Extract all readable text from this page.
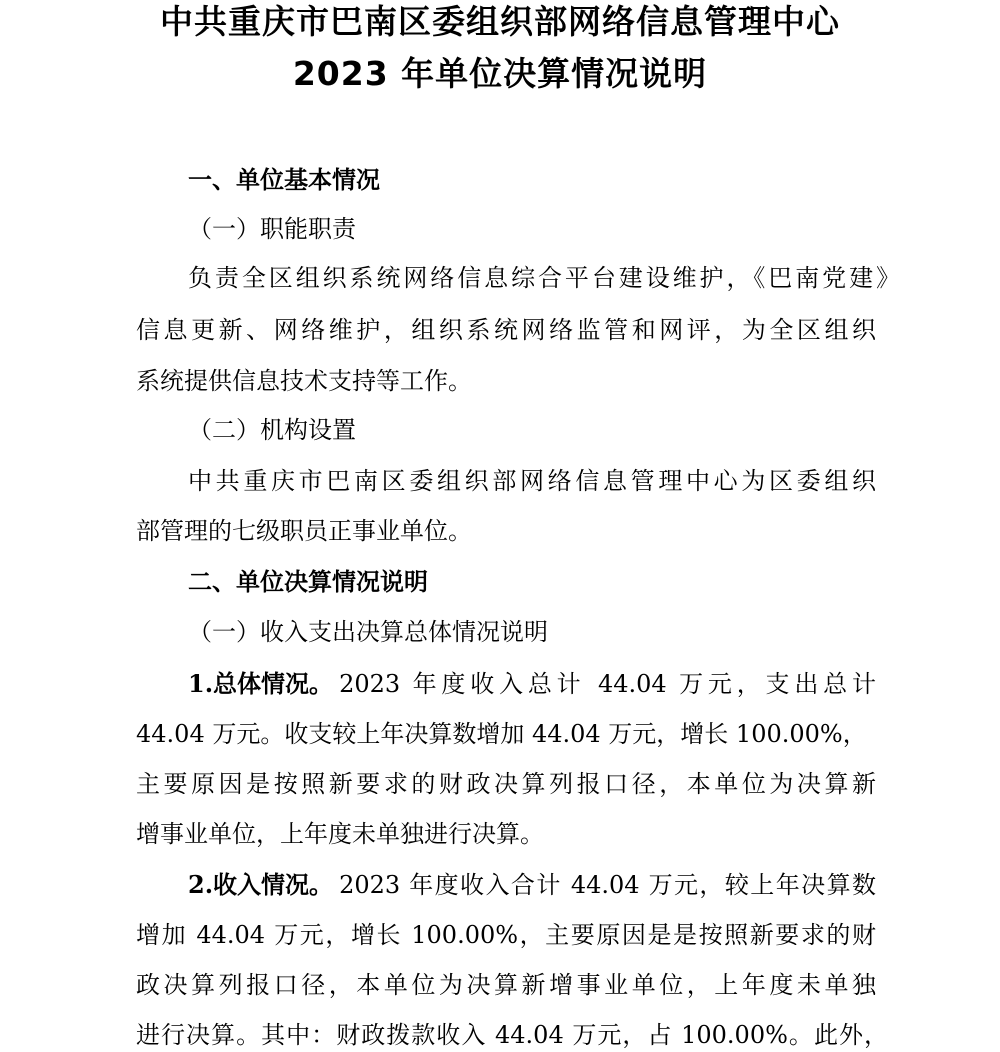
中共重庆市巴南区委组织部网络信息管理中心
2023 年单位决算情况说明
一、单位基本情况
（一）职能职责
负责全区组织系统网络信息综合平台建设维护，《巴南党建》
信息更新、网络维护，组织系统网络监管和网评，为全区组织
系统提供信息技术支持等工作。
（二）机构设置
中共重庆市巴南区委组织部网络信息管理中心为区委组织
部管理的七级职员正事业单位。
二、单位决算情况说明
（一）收入支出决算总体情况说明
1.总体情况。 2023 年度收入总计 44.04 万元，支出总计
44.04 万元。收支较上年决算数增加 44.04 万元，增长 100.00%，
主要原因是按照新要求的财政决算列报口径，本单位为决算新
增事业单位，上年度未单独进行决算。
2.收入情况。 2023 年度收入合计 44.04 万元，较上年决算数
增加 44.04 万元，增长 100.00%，主要原因是是按照新要求的财
政决算列报口径，本单位为决算新增事业单位，上年度未单独
进行决算。其中：财政拨款收入 44.04 万元，占 100.00%。此外，
